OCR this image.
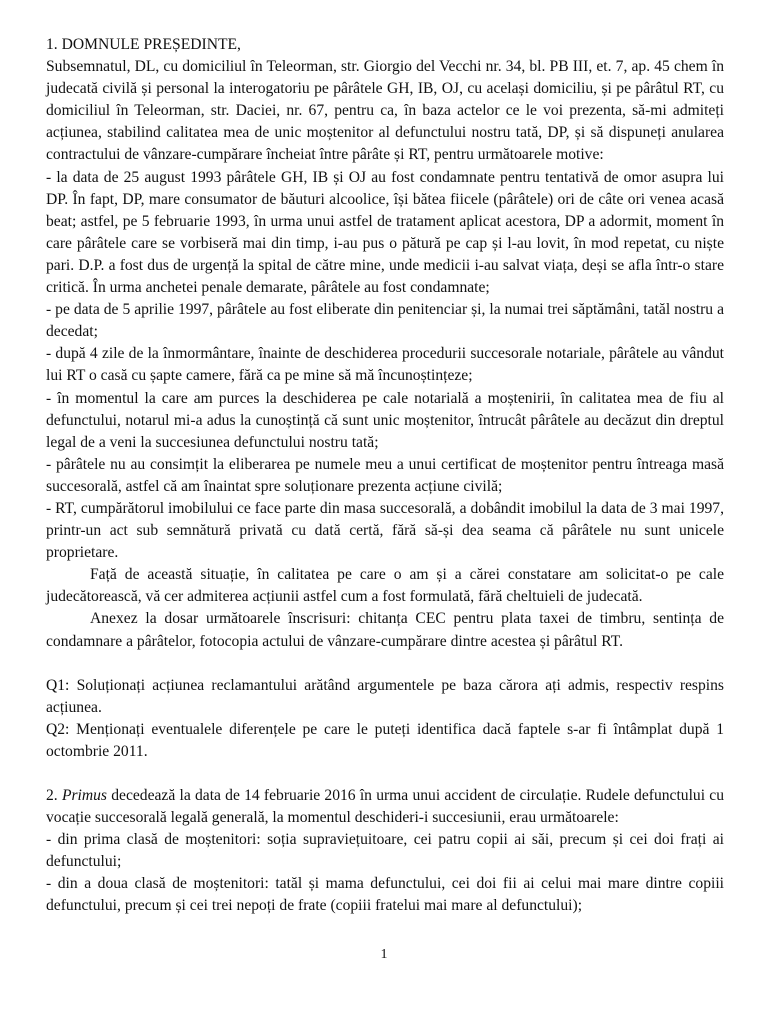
1. DOMNULE PREȘEDINTE,

Subsemnatul, DL, cu domiciliul în Teleorman, str. Giorgio del Vecchi nr. 34, bl. PB III, et. 7, ap. 45 chem în judecată civilă și personal la interogatoriu pe pârâtele GH, IB, OJ, cu același domiciliu, și pe pârâtul RT, cu domiciliul în Teleorman, str. Daciei, nr. 67, pentru ca, în baza actelor ce le voi prezenta, să-mi admiteți acțiunea, stabilind calitatea mea de unic moștenitor al defunctului nostru tată, DP, și să dispuneți anularea contractului de vânzare-cumpărare încheiat între pârâte și RT, pentru următoarele motive:

- la data de 25 august 1993 pârâtele GH, IB și OJ au fost condamnate pentru tentativă de omor asupra lui DP. În fapt, DP, mare consumator de băuturi alcoolice, își bătea fiicele (pârâtele) ori de câte ori venea acasă beat; astfel, pe 5 februarie 1993, în urma unui astfel de tratament aplicat acestora, DP a adormit, moment în care pârâtele care se vorbiseră mai din timp, i-au pus o pătură pe cap și l-au lovit, în mod repetat, cu niște pari. D.P. a fost dus de urgență la spital de către mine, unde medicii i-au salvat viața, deși se afla într-o stare critică. În urma anchetei penale demarate, pârâtele au fost condamnate;

- pe data de 5 aprilie 1997, pârâtele au fost eliberate din penitenciar și, la numai trei săptămâni, tatăl nostru a decedat;

- după 4 zile de la înmormântare, înainte de deschiderea procedurii succesorale notariale, pârâtele au vândut lui RT o casă cu șapte camere, fără ca pe mine să mă încunoștințeze;

- în momentul la care am purces la deschiderea pe cale notarială a moștenirii, în calitatea mea de fiu al defunctului, notarul mi-a adus la cunoștință că sunt unic moștenitor, întrucât pârâtele au decăzut din dreptul legal de a veni la succesiunea defunctului nostru tată;

- pârâtele nu au consimțit la eliberarea pe numele meu a unui certificat de moștenitor pentru întreaga masă succesorală, astfel că am înaintat spre soluționare prezenta acțiune civilă;

- RT, cumpărătorul imobilului ce face parte din masa succesorală, a dobândit imobilul la data de 3 mai 1997, printr-un act sub semnătură privată cu dată certă, fără să-și dea seama că pârâtele nu sunt unicele proprietare.

Față de această situație, în calitatea pe care o am și a cărei constatare am solicitat-o pe cale judecătorească, vă cer admiterea acțiunii astfel cum a fost formulată, fără cheltuieli de judecată.

Anexez la dosar următoarele înscrisuri: chitanța CEC pentru plata taxei de timbru, sentința de condamnare a pârâtelor, fotocopia actului de vânzare-cumpărare dintre acestea și pârâtul RT.

Q1: Soluționați acțiunea reclamantului arătând argumentele pe baza cărora ați admis, respectiv respins acțiunea.

Q2: Menționați eventualele diferențele pe care le puteți identifica dacă faptele s-ar fi întâmplat după 1 octombrie 2011.

2. Primus decedează la data de 14 februarie 2016 în urma unui accident de circulație. Rudele defunctului cu vocație succesorală legală generală, la momentul deschideri-i succesiunii, erau următoarele:

- din prima clasă de moștenitori: soția supraviețuitoare, cei patru copii ai săi, precum și cei doi frați ai defunctului;

- din a doua clasă de moștenitori: tatăl și mama defunctului, cei doi fii ai celui mai mare dintre copiii defunctului, precum și cei trei nepoți de frate (copiii fratelui mai mare al defunctului);

1
